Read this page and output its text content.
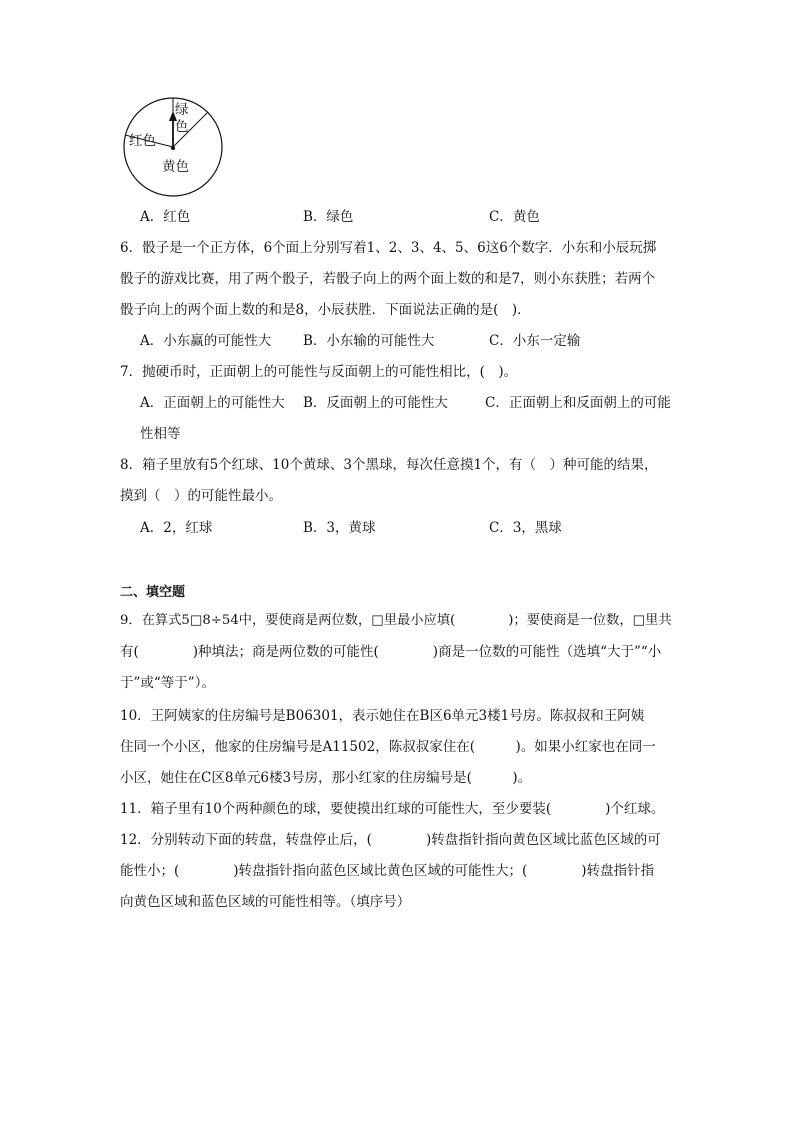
绿
色
红色
黄色
A．红色	B．绿色	C．黄色
6．骰子是一个正方体，6个面上分别写着1、2、3、4、5、6这6个数字．小东和小辰玩掷
骰子的游戏比赛，用了两个骰子，若骰子向上的两个面上数的和是7，则小东获胜；若两个
骰子向上的两个面上数的和是8，小辰获胜．下面说法正确的是(　)．
A．小东赢的可能性大 B．小东输的可能性大	C．小东一定输
7．抛硬币时，正面朝上的可能性与反面朝上的可能性相比，(　)。
A．正面朝上的可能性大 B．反面朝上的可能性大	C．正面朝上和反面朝上的可能
性相等
8．箱子里放有5个红球、10个黄球、3个黑球，每次任意摸1个，有（　）种可能的结果，
摸到（　）的可能性最小。
A．2，红球	B．3，黄球	C．3，黑球
二、填空题
9．在算式5□8÷54中，要使商是两位数，□里最小应填(　　　　)；要使商是一位数，□里共
有(　　　　)种填法；商是两位数的可能性(　　　　)商是一位数的可能性（选填“大于”“小
于”或“等于”）。
10．王阿姨家的住房编号是B06301，表示她住在B区6单元3楼1号房。陈叔叔和王阿姨
住同一个小区，他家的住房编号是A11502，陈叔叔家住在(　　　)。如果小红家也在同一
小区，她住在C区8单元6楼3号房，那小红家的住房编号是(　　　)。
11．箱子里有10个两种颜色的球，要使摸出红球的可能性大，至少要装(　　　　)个红球。
12．分别转动下面的转盘，转盘停止后，(　　　　)转盘指针指向黄色区域比蓝色区域的可
能性小；(　　　　)转盘指针指向蓝色区域比黄色区域的可能性大；(　　　　)转盘指针指
向黄色区域和蓝色区域的可能性相等。（填序号）
